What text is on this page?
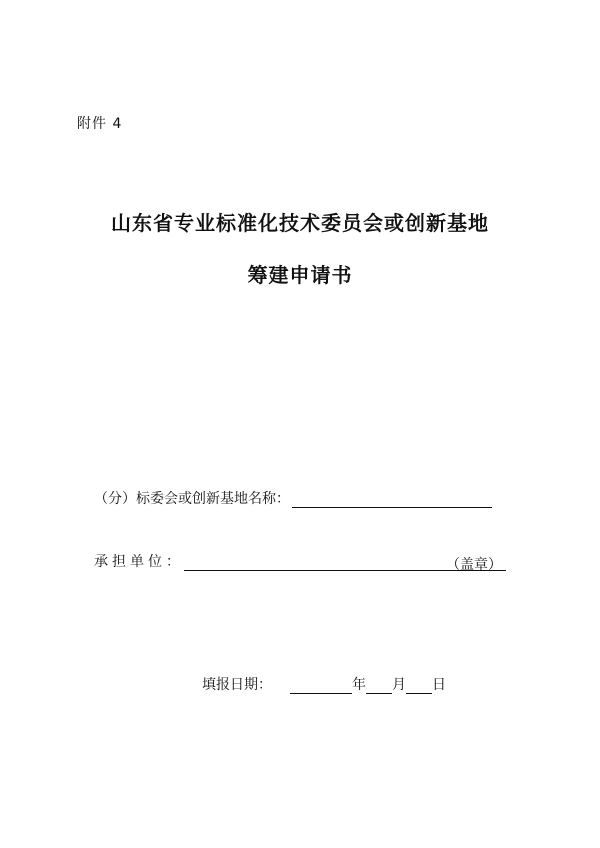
附件 4
山东省专业标准化技术委员会或创新基地
筹建申请书
（分）标委会或创新基地名称：
承担单位：	（盖章）
填报日期：	年 月 日
